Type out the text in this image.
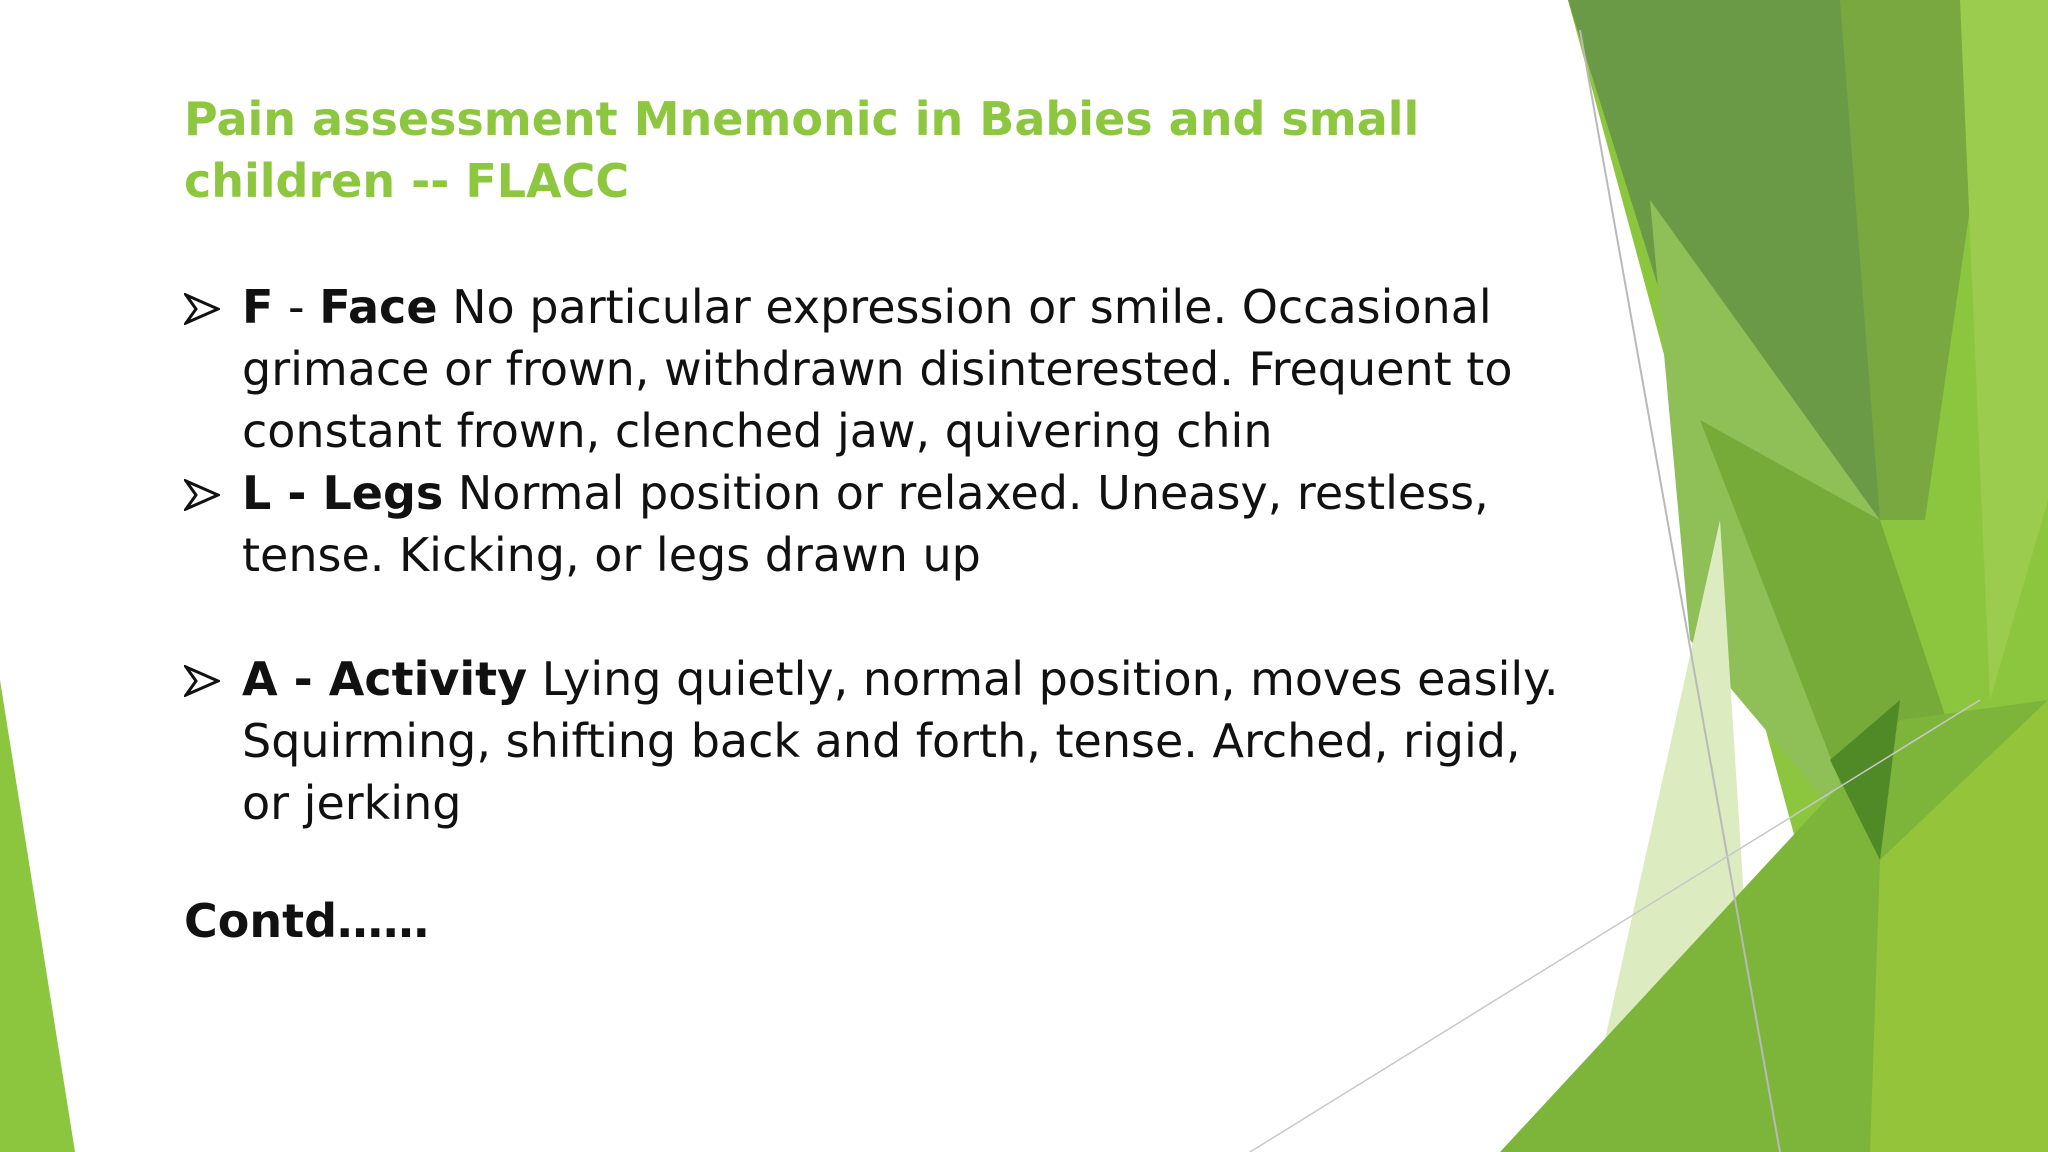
Pain assessment Mnemonic in Babies and small children -- FLACC
F - Face No particular expression or smile. Occasional grimace or frown, withdrawn disinterested. Frequent to constant frown, clenched jaw, quivering chin
L - Legs Normal position or relaxed. Uneasy, restless, tense. Kicking, or legs drawn up
A - Activity Lying quietly, normal position, moves easily. Squirming, shifting back and forth, tense. Arched, rigid, or jerking

Contd……
